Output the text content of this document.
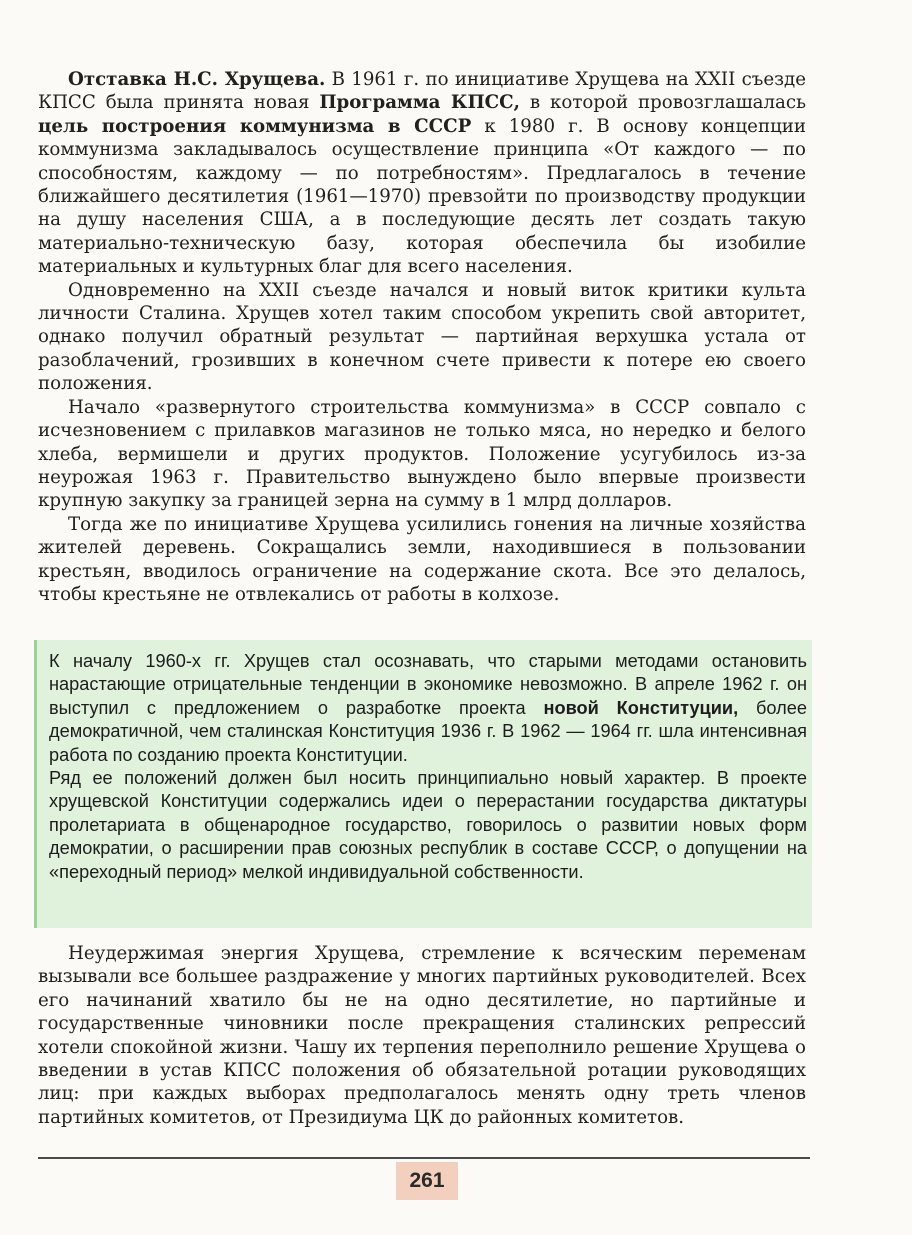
Отставка Н.С. Хрущева. В 1961 г. по инициативе Хрущева на XXII съезде КПСС была принята новая Программа КПСС, в которой провозглашалась цель построения коммунизма в СССР к 1980 г. В основу концепции коммунизма закладывалось осуществление принципа «От каждого — по способностям, каждому — по потребностям». Предлагалось в течение ближайшего десятилетия (1961—1970) превзойти по производству продукции на душу населения США, а в последующие десять лет создать такую материально-техническую базу, которая обеспечила бы изобилие материальных и культурных благ для всего населения.

Одновременно на XXII съезде начался и новый виток критики культа личности Сталина. Хрущев хотел таким способом укрепить свой авторитет, однако получил обратный результат — партийная верхушка устала от разоблачений, грозивших в конечном счете привести к потере ею своего положения.

Начало «развернутого строительства коммунизма» в СССР совпало с исчезновением с прилавков магазинов не только мяса, но нередко и белого хлеба, вермишели и других продуктов. Положение усугубилось из-за неурожая 1963 г. Правительство вынуждено было впервые произвести крупную закупку за границей зерна на сумму в 1 млрд долларов.

Тогда же по инициативе Хрущева усилились гонения на личные хозяйства жителей деревень. Сокращались земли, находившиеся в пользовании крестьян, вводилось ограничение на содержание скота. Все это делалось, чтобы крестьяне не отвлекались от работы в колхозе.

К началу 1960-х гг. Хрущев стал осознавать, что старыми методами остановить нарастающие отрицательные тенденции в экономике невозможно. В апреле 1962 г. он выступил с предложением о разработке проекта новой Конституции, более демократичной, чем сталинская Конституция 1936 г. В 1962 — 1964 гг. шла интенсивная работа по созданию проекта Конституции.

Ряд ее положений должен был носить принципиально новый характер. В проекте хрущевской Конституции содержались идеи о перерастании государства диктатуры пролетариата в общенародное государство, говорилось о развитии новых форм демократии, о расширении прав союзных республик в составе СССР, о допущении на «переходный период» мелкой индивидуальной собственности.

Неудержимая энергия Хрущева, стремление к всяческим переменам вызывали все большее раздражение у многих партийных руководителей. Всех его начинаний хватило бы не на одно десятилетие, но партийные и государственные чиновники после прекращения сталинских репрессий хотели спокойной жизни. Чашу их терпения переполнило решение Хрущева о введении в устав КПСС положения об обязательной ротации руководящих лиц: при каждых выборах предполагалось менять одну треть членов партийных комитетов, от Президиума ЦК до районных комитетов.

261
